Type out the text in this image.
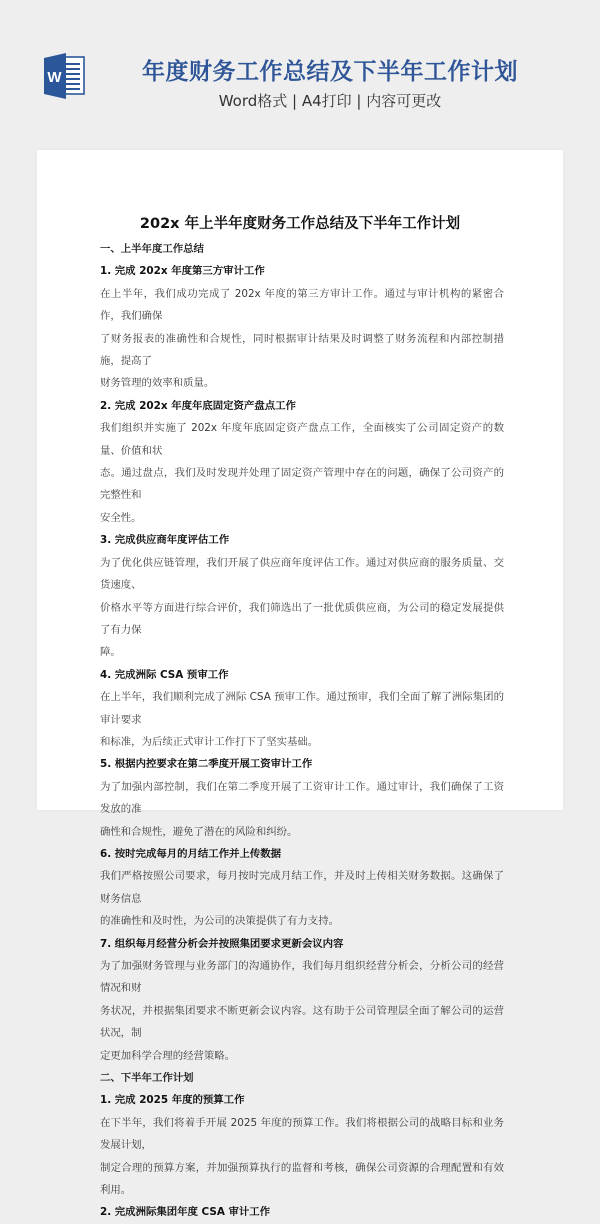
W	年度财务工作总结及下半年工作计划
Word格式 | A4打印 | 内容可更改
202x 年上半年度财务工作总结及下半年工作计划
一、上半年度工作总结
1. 完成 202x 年度第三方审计工作
在上半年，我们成功完成了 202x 年度的第三方审计工作。通过与审计机构的紧密合作，我们确保
了财务报表的准确性和合规性，同时根据审计结果及时调整了财务流程和内部控制措施，提高了
财务管理的效率和质量。
2. 完成 202x 年度年底固定资产盘点工作
我们组织并实施了 202x 年度年底固定资产盘点工作，全面核实了公司固定资产的数量、价值和状
态。通过盘点，我们及时发现并处理了固定资产管理中存在的问题，确保了公司资产的完整性和
安全性。
3. 完成供应商年度评估工作
为了优化供应链管理，我们开展了供应商年度评估工作。通过对供应商的服务质量、交货速度、
价格水平等方面进行综合评价，我们筛选出了一批优质供应商，为公司的稳定发展提供了有力保
障。
4. 完成洲际 CSA 预审工作
在上半年，我们顺利完成了洲际 CSA 预审工作。通过预审，我们全面了解了洲际集团的审计要求
和标准，为后续正式审计工作打下了坚实基础。
5. 根据内控要求在第二季度开展工资审计工作
为了加强内部控制，我们在第二季度开展了工资审计工作。通过审计，我们确保了工资发放的准
确性和合规性，避免了潜在的风险和纠纷。
6. 按时完成每月的月结工作并上传数据
我们严格按照公司要求，每月按时完成月结工作，并及时上传相关财务数据。这确保了财务信息
的准确性和及时性，为公司的决策提供了有力支持。
7. 组织每月经营分析会并按照集团要求更新会议内容
为了加强财务管理与业务部门的沟通协作，我们每月组织经营分析会，分析公司的经营情况和财
务状况，并根据集团要求不断更新会议内容。这有助于公司管理层全面了解公司的运营状况，制
定更加科学合理的经营策略。
二、下半年工作计划
1. 完成 2025 年度的预算工作
在下半年，我们将着手开展 2025 年度的预算工作。我们将根据公司的战略目标和业务发展计划，
制定合理的预算方案，并加强预算执行的监督和考核，确保公司资源的合理配置和有效利用。
2. 完成洲际集团年度 CSA 审计工作
